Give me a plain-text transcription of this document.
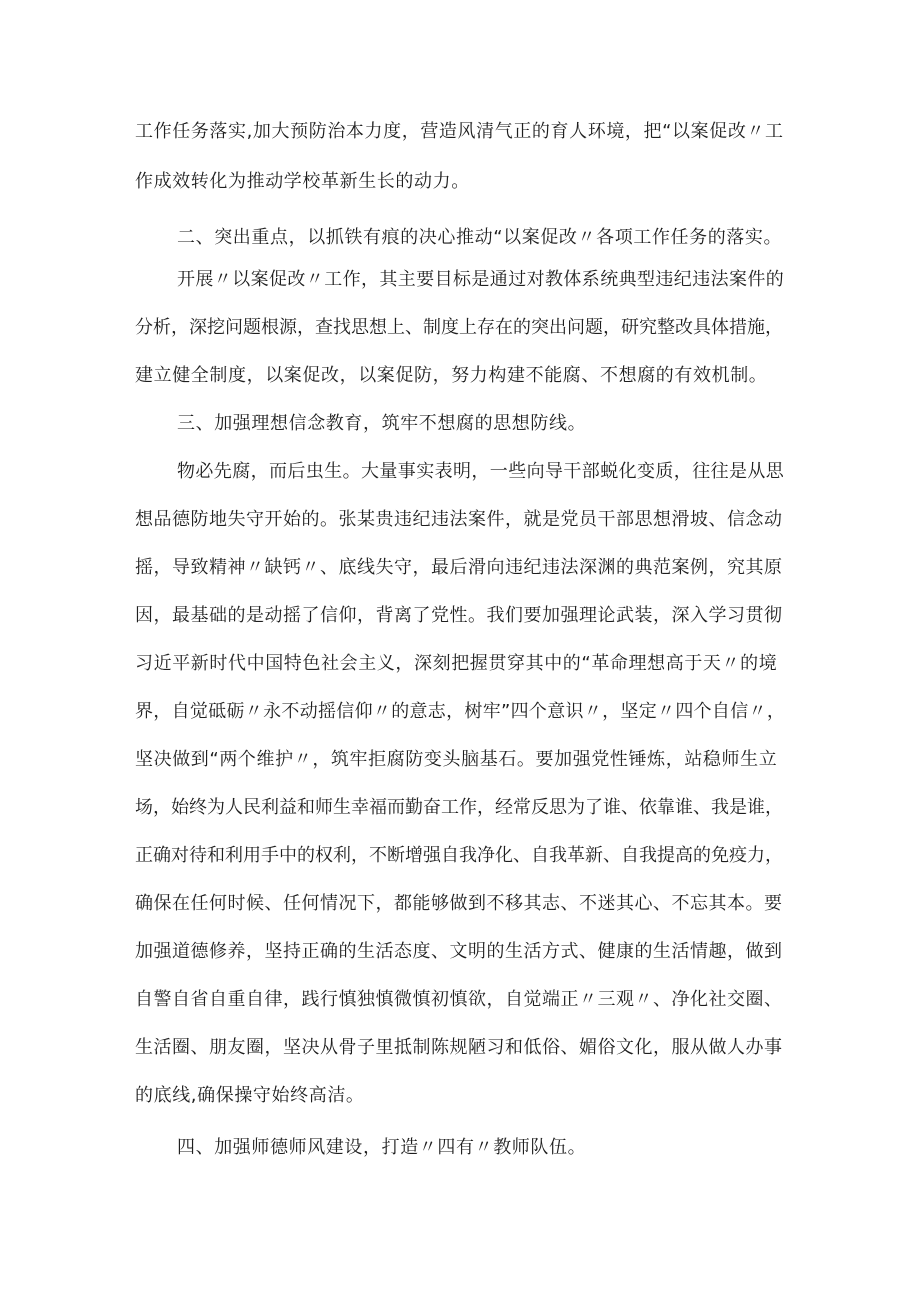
工作任务落实,加大预防治本力度，营造风清气正的育人环境，把“以案促改〃工
作成效转化为推动学校革新生长的动力。
二、突出重点，以抓铁有痕的决心推动“以案促改〃各项工作任务的落实。
开展〃以案促改〃工作，其主要目标是通过对教体系统典型违纪违法案件的
分析，深挖问题根源，查找思想上、制度上存在的突出问题，研究整改具体措施，
建立健全制度，以案促改，以案促防，努力构建不能腐、不想腐的有效机制。
三、加强理想信念教育，筑牢不想腐的思想防线。
物必先腐，而后虫生。大量事实表明，一些向导干部蜕化变质，往往是从思
想品德防地失守开始的。张某贵违纪违法案件，就是党员干部思想滑坡、信念动
摇，导致精神〃缺钙〃、底线失守，最后滑向违纪违法深渊的典范案例，究其原
因，最基础的是动摇了信仰，背离了党性。我们要加强理论武装，深入学习贯彻
习近平新时代中国特色社会主义，深刻把握贯穿其中的“革命理想高于天〃的境
界，自觉砥砺〃永不动摇信仰〃的意志，树牢”四个意识〃，坚定〃四个自信〃，
坚决做到“两个维护〃，筑牢拒腐防变头脑基石。要加强党性锤炼，站稳师生立
场，始终为人民利益和师生幸福而勤奋工作，经常反思为了谁、依靠谁、我是谁，
正确对待和利用手中的权利，不断增强自我净化、自我革新、自我提高的免疫力，
确保在任何时候、任何情况下，都能够做到不移其志、不迷其心、不忘其本。要
加强道德修养，坚持正确的生活态度、文明的生活方式、健康的生活情趣，做到
自警自省自重自律，践行慎独慎微慎初慎欲，自觉端正〃三观〃、净化社交圈、
生活圈、朋友圈，坚决从骨子里抵制陈规陋习和低俗、媚俗文化，服从做人办事
的底线,确保操守始终高洁。
四、加强师德师风建设，打造〃四有〃教师队伍。
